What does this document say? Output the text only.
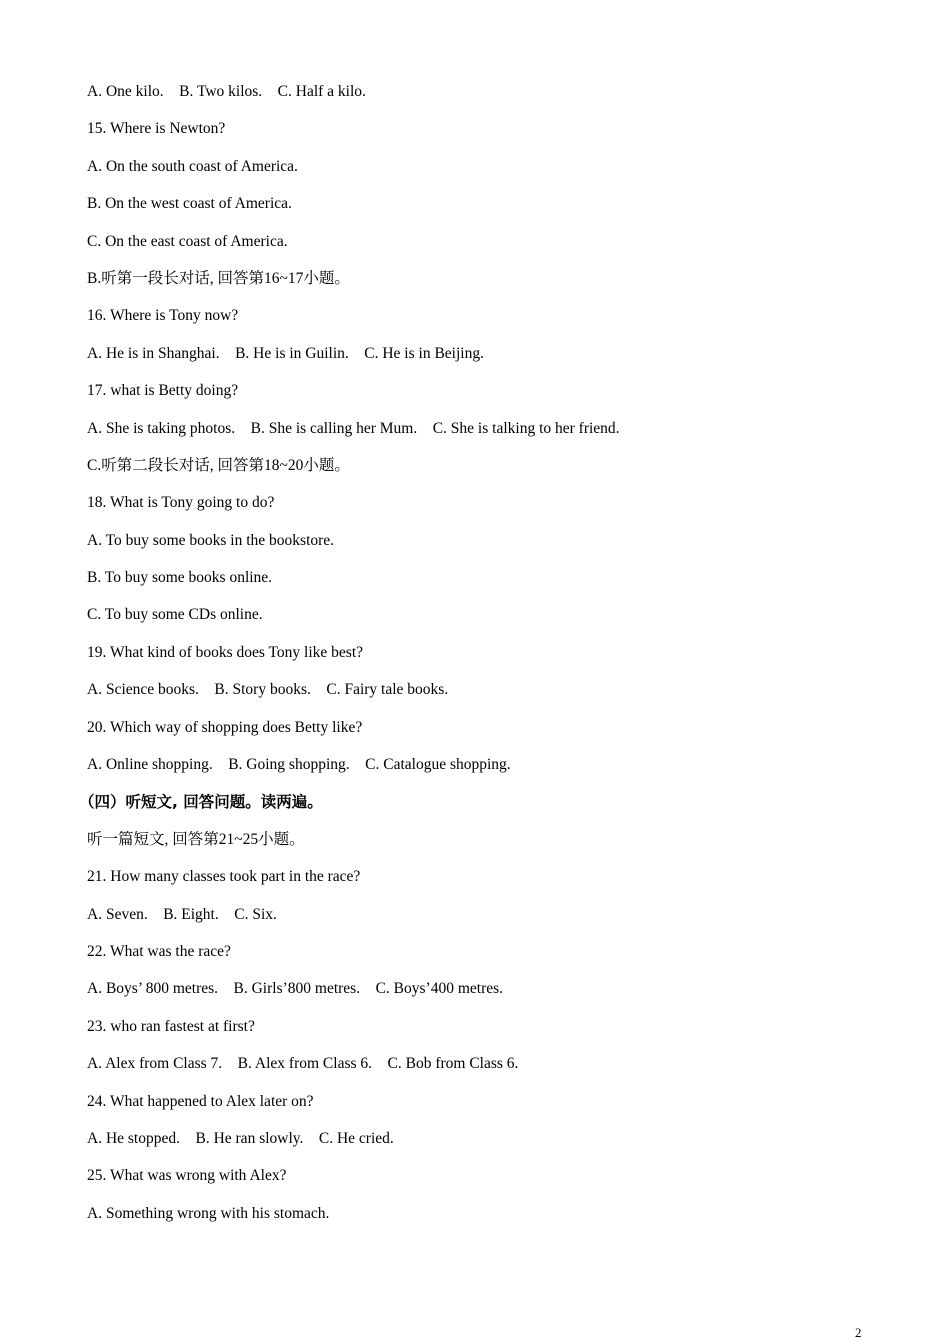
A. One kilo.    B. Two kilos.    C. Half a kilo.
15. Where is Newton?
A. On the south coast of America.
B. On the west coast of America.
C. On the east coast of America.
B.听第一段长对话, 回答第16~17小题。
16. Where is Tony now?
A. He is in Shanghai.    B. He is in Guilin.    C. He is in Beijing.
17. what is Betty doing?
A. She is taking photos.    B. She is calling her Mum.    C. She is talking to her friend.
C.听第二段长对话, 回答第18~20小题。
18. What is Tony going to do?
A. To buy some books in the bookstore.
B. To buy some books online.
C. To buy some CDs online.
19. What kind of books does Tony like best?
A. Science books.    B. Story books.    C. Fairy tale books.
20. Which way of shopping does Betty like?
A. Online shopping.    B. Going shopping.    C. Catalogue shopping.
（四）听短文, 回答问题。读两遍。
听一篇短文, 回答第21~25小题。
21. How many classes took part in the race?
A. Seven.    B. Eight.    C. Six.
22. What was the race?
A. Boys’ 800 metres.    B. Girls’800 metres.    C. Boys’400 metres.
23. who ran fastest at first?
A. Alex from Class 7.    B. Alex from Class 6.    C. Bob from Class 6.
24. What happened to Alex later on?
A. He stopped.    B. He ran slowly.    C. He cried.
25. What was wrong with Alex?
A. Something wrong with his stomach.
2
